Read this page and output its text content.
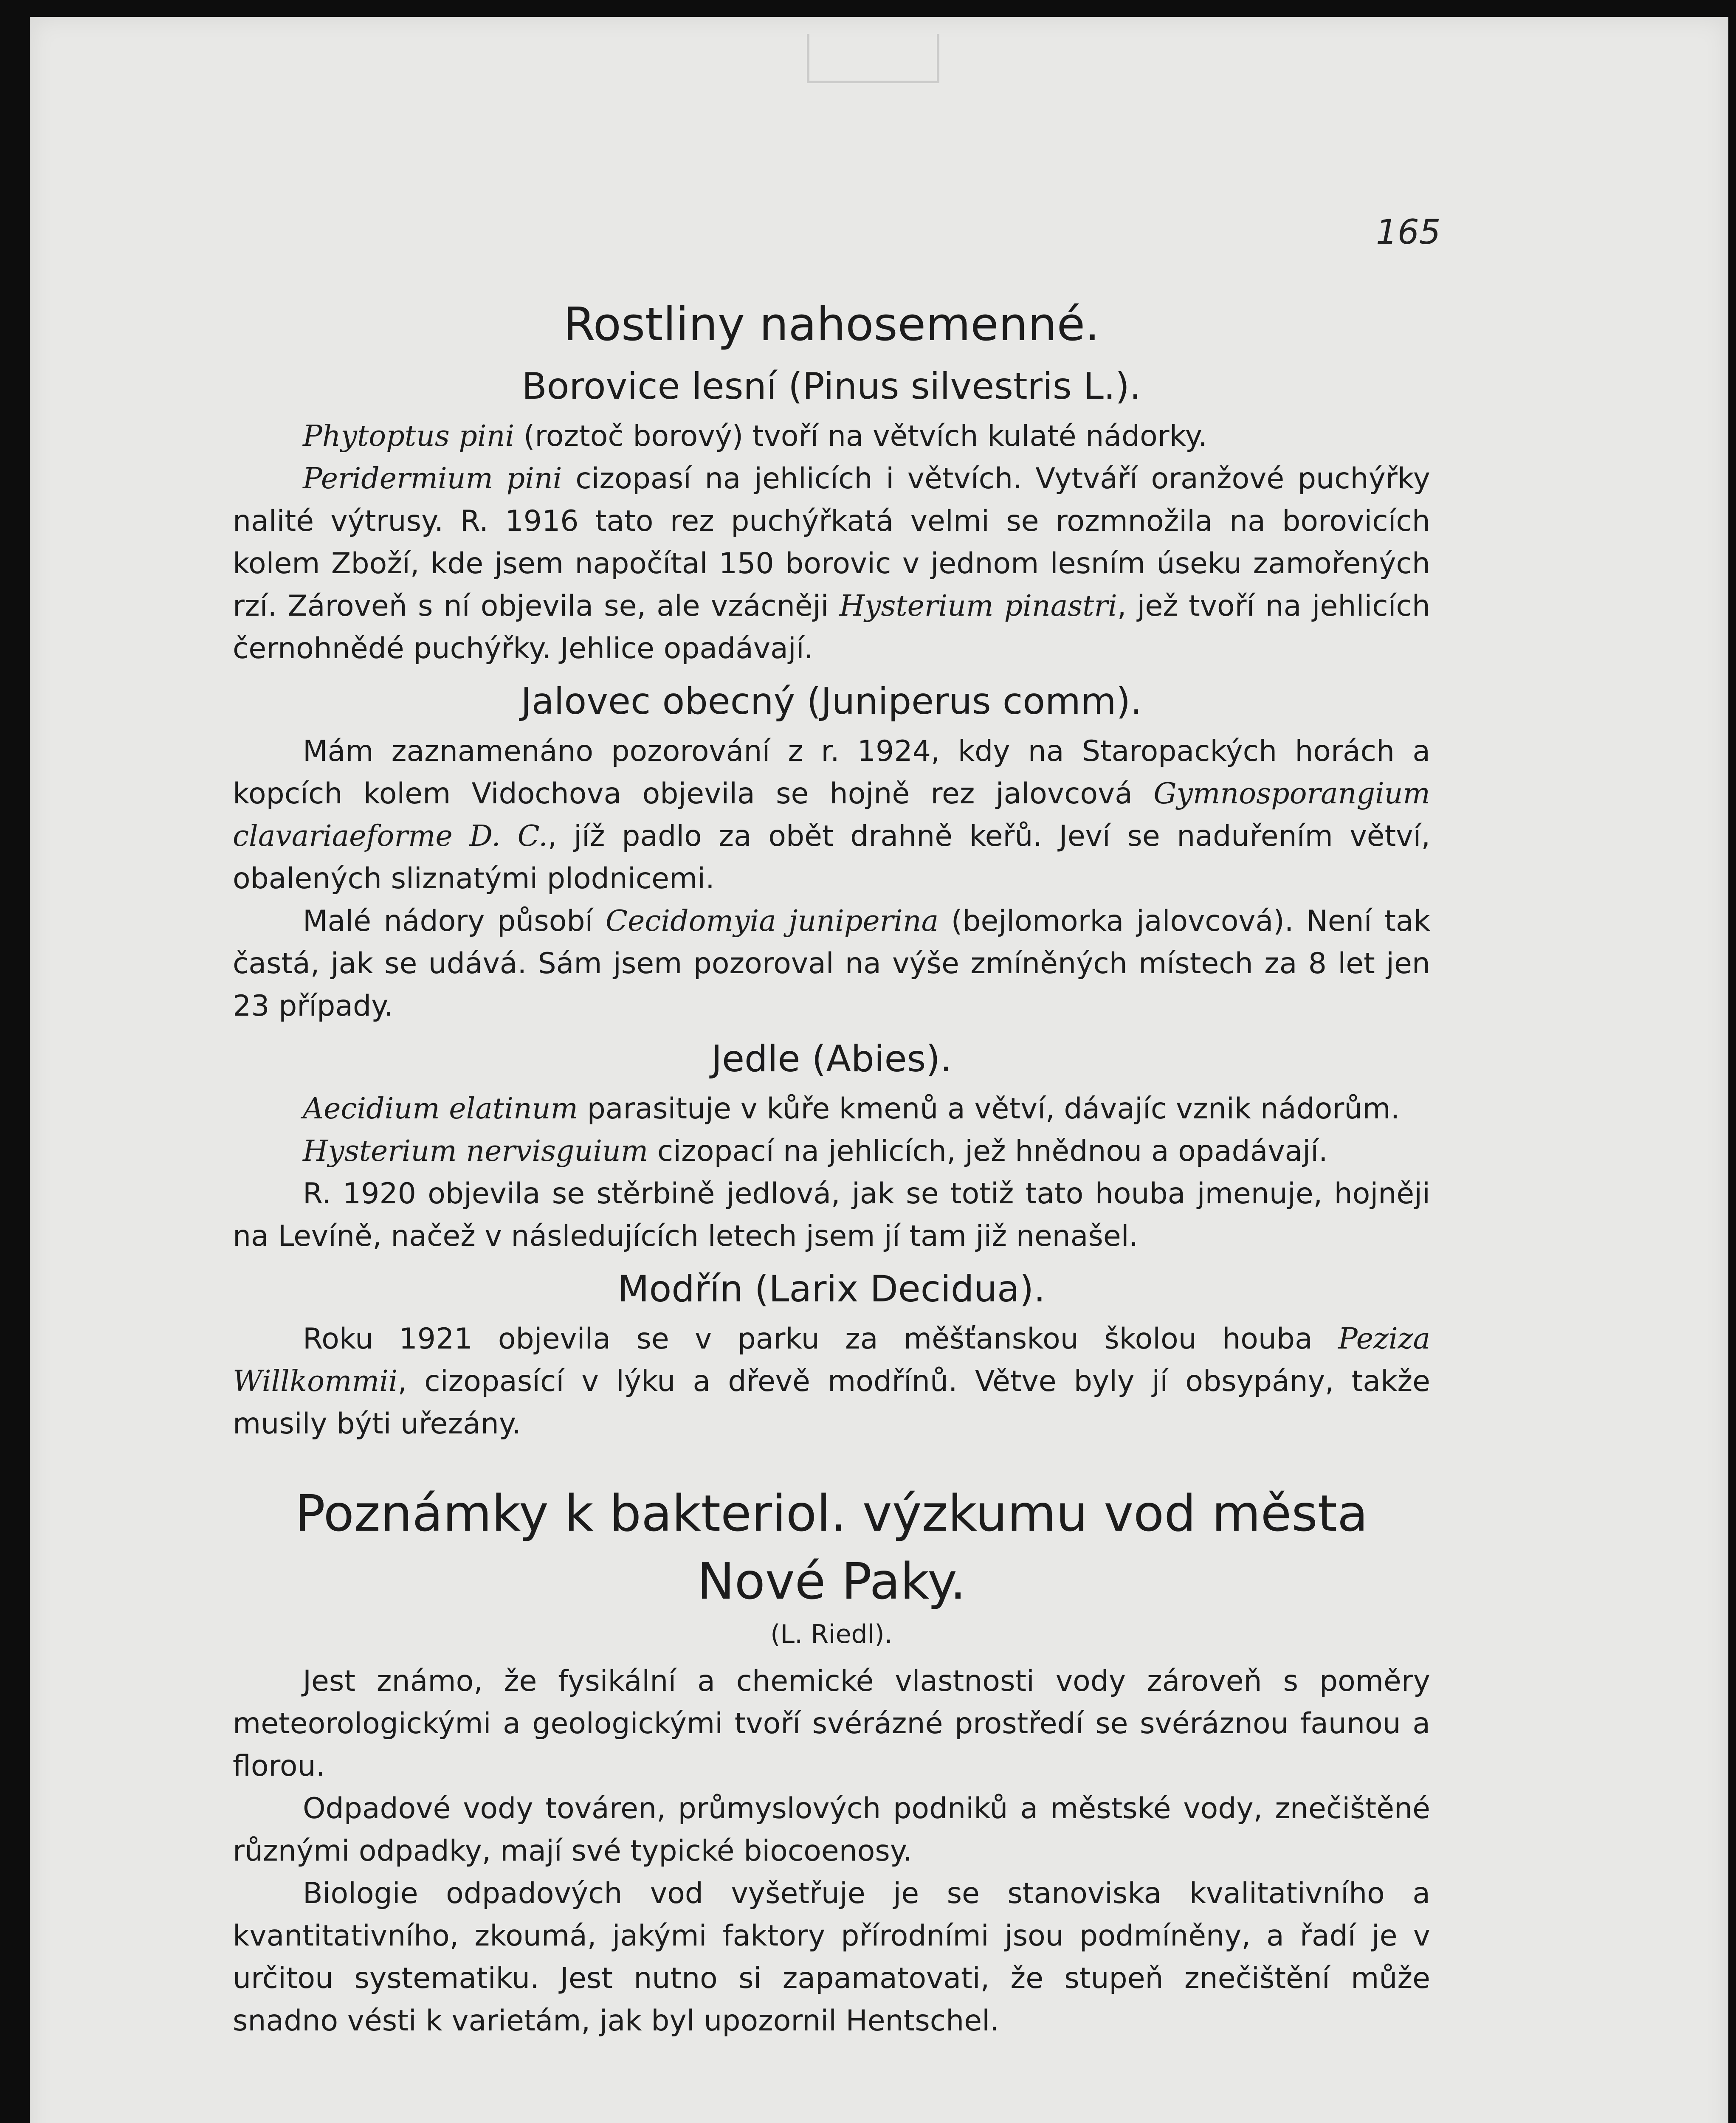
165
Rostliny nahosemenné.
Borovice lesní (Pinus silvestris L.).

Phytoptus pini (roztoč borový) tvoří na větvích kulaté nádorky.

Peridermium pini cizopasí na jehlicích i větvích. Vytváří oranžové puchýřky nalité výtrusy. R. 1916 tato rez puchýřkatá velmi se rozmnožila na borovicích kolem Zboží, kde jsem napočítal 150 borovic v jednom lesním úseku zamořených rzí. Zároveň s ní objevila se, ale vzácněji Hysterium pinastri, jež tvoří na jehlicích černohnědé puchýřky. Jehlice opadávají.

Jalovec obecný (Juniperus comm).

Mám zaznamenáno pozorování z r. 1924, kdy na Staropackých horách a kopcích kolem Vidochova objevila se hojně rez jalovcová Gymnosporangium clavariaeforme D. C., jíž padlo za obět drahně keřů. Jeví se naduřením větví, obalených sliznatými plodnicemi.

Malé nádory působí Cecidomyia juniperina (bejlomorka jalovcová). Není tak častá, jak se udává. Sám jsem pozoroval na výše zmíněných místech za 8 let jen 23 případy.

Jedle (Abies).

Aecidium elatinum parasituje v kůře kmenů a větví, dávajíc vznik nádorům.

Hysterium nervisguium cizopací na jehlicích, jež hnědnou a opadávají.

R. 1920 objevila se stěrbině jedlová, jak se totiž tato houba jmenuje, hojněji na Levíně, načež v následujících letech jsem jí tam již nenašel.

Modřín (Larix Decidua).

Roku 1921 objevila se v parku za měšťanskou školou houba Peziza Willkommii, cizopasící v lýku a dřevě modřínů. Větve byly jí obsypány, takže musily býti uřezány.

Poznámky k bakteriol. výzkumu vod města
Nové Paky.
(L. Riedl).

Jest známo, že fysikální a chemické vlastnosti vody zároveň s poměry meteorologickými a geologickými tvoří svérázné prostředí se svéráznou faunou a florou.

Odpadové vody továren, průmyslových podniků a městské vody, znečištěné různými odpadky, mají své typické biocoenosy.

Biologie odpadových vod vyšetřuje je se stanoviska kvalitativního a kvantitativního, zkoumá, jakými faktory přírodními jsou podmíněny, a řadí je v určitou systematiku. Jest nutno si zapamatovati, že stupeň znečištění může snadno vésti k varietám, jak byl upozornil Hentschel.
